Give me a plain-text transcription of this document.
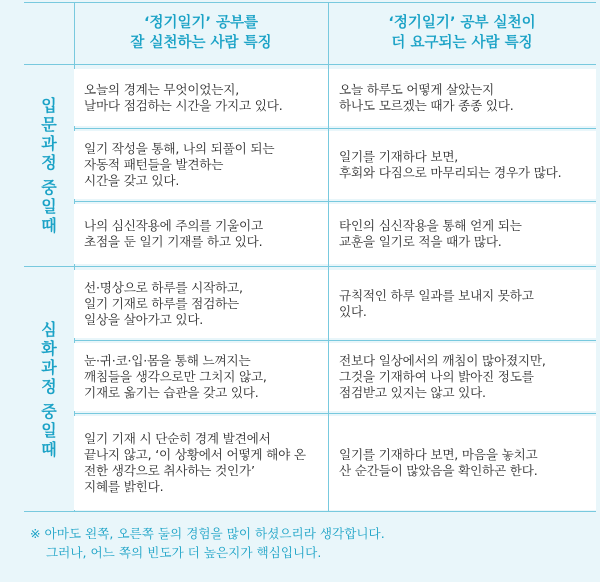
‘정기일기’ 공부를
잘 실천하는 사람 특징
‘정기일기’ 공부 실천이
더 요구되는 사람 특징
입
문
과
정
중
일
때
심
화
과
정
중
일
때
오늘의 경계는 무엇이었는지,
날마다 점검하는 시간을 가지고 있다.
오늘 하루도 어떻게 살았는지
하나도 모르겠는 때가 종종 있다.
일기 작성을 통해, 나의 되풀이 되는
자동적 패턴들을 발견하는
시간을 갖고 있다.
일기를 기재하다 보면,
후회와 다짐으로 마무리되는 경우가 많다.
나의 심신작용에 주의를 기울이고
초점을 둔 일기 기재를 하고 있다.
타인의 심신작용을 통해 얻게 되는
교훈을 일기로 적을 때가 많다.
선·명상으로 하루를 시작하고,
일기 기재로 하루를 점검하는
일상을 살아가고 있다.
규칙적인 하루 일과를 보내지 못하고
있다.
눈·귀·코·입·몸을 통해 느껴지는
깨침들을 생각으로만 그치지 않고,
기재로 옮기는 습관을 갖고 있다.
전보다 일상에서의 깨침이 많아졌지만,
그것을 기재하여 나의 밝아진 정도를
점검받고 있지는 않고 있다.
일기 기재 시 단순히 경계 발견에서
끝나지 않고, ‘이 상황에서 어떻게 해야 온
전한 생각으로 취사하는 것인가’
지혜를 밝힌다.
일기를 기재하다 보면, 마음을 놓치고
산 순간들이 많았음을 확인하곤 한다.
※ 아마도 왼쪽, 오른쪽 둘의 경험을 많이 하셨으리라 생각합니다.
그러나, 어느 쪽의 빈도가 더 높은지가 핵심입니다.
